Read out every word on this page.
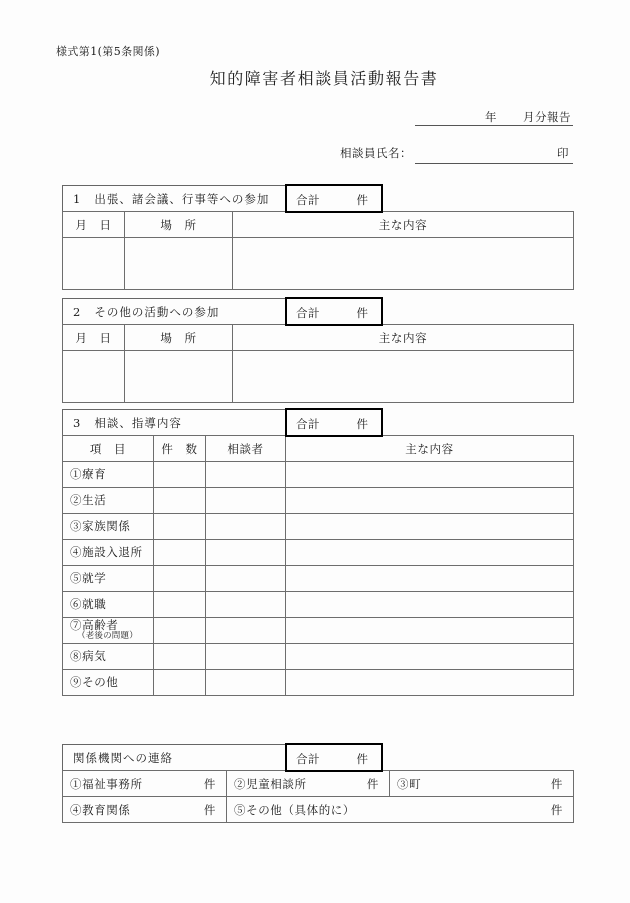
様式第1(第5条関係)
知的障害者相談員活動報告書
年 月分報告
相談員氏名：	印
1 出張、諸会議、行事等への参加 合計	件
月　日	場　所	主な内容

2 その他の活動への参加	合計	件
月　日	場　所	主な内容

3 相談、指導内容	合計	件
項　目	件　数	相談者	主な内容

①療育			

②生活			

③家族関係			

④施設入退所			

⑤就学			

⑥就職			

⑦高齢者
（老後の問題）			

⑧病気			

⑨その他			

関係機関への連絡	合計	件
①福祉事務所 件	②児童相談所 件	③町 件

④教育関係 件	⑤その他（具体的に） 件	
